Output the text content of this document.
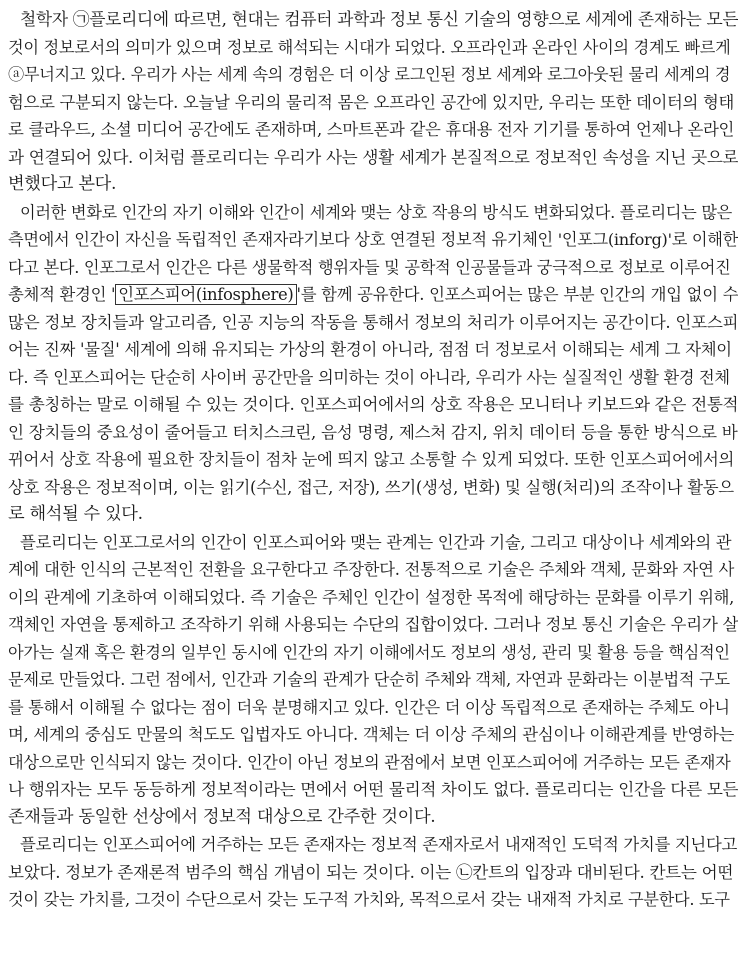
철학자 ㉠플로리디에 따르면, 현대는 컴퓨터 과학과 정보 통신 기술의 영향으로 세계에 존재하는 모든
것이 정보로서의 의미가 있으며 정보로 해석되는 시대가 되었다. 오프라인과 온라인 사이의 경계도 빠르게
ⓐ무너지고 있다. 우리가 사는 세계 속의 경험은 더 이상 로그인된 정보 세계와 로그아웃된 물리 세계의 경
험으로 구분되지 않는다. 오늘날 우리의 물리적 몸은 오프라인 공간에 있지만, 우리는 또한 데이터의 형태
로 클라우드, 소셜 미디어 공간에도 존재하며, 스마트폰과 같은 휴대용 전자 기기를 통하여 언제나 온라인
과 연결되어 있다. 이처럼 플로리디는 우리가 사는 생활 세계가 본질적으로 정보적인 속성을 지닌 곳으로
변했다고 본다.
이러한 변화로 인간의 자기 이해와 인간이 세계와 맺는 상호 작용의 방식도 변화되었다. 플로리디는 많은
측면에서 인간이 자신을 독립적인 존재자라기보다 상호 연결된 정보적 유기체인 '인포그(inforg)'로 이해한
다고 본다. 인포그로서 인간은 다른 생물학적 행위자들 및 공학적 인공물들과 궁극적으로 정보로 이루어진
총체적 환경인 ' 인포스피어(infosphere) '를 함께 공유한다. 인포스피어는 많은 부분 인간의 개입 없이 수
많은 정보 장치들과 알고리즘, 인공 지능의 작동을 통해서 정보의 처리가 이루어지는 공간이다. 인포스피
어는 진짜 '물질' 세계에 의해 유지되는 가상의 환경이 아니라, 점점 더 정보로서 이해되는 세계 그 자체이
다. 즉 인포스피어는 단순히 사이버 공간만을 의미하는 것이 아니라, 우리가 사는 실질적인 생활 환경 전체
를 총칭하는 말로 이해될 수 있는 것이다. 인포스피어에서의 상호 작용은 모니터나 키보드와 같은 전통적
인 장치들의 중요성이 줄어들고 터치스크린, 음성 명령, 제스처 감지, 위치 데이터 등을 통한 방식으로 바
뀌어서 상호 작용에 필요한 장치들이 점차 눈에 띄지 않고 소통할 수 있게 되었다. 또한 인포스피어에서의
상호 작용은 정보적이며, 이는 읽기(수신, 접근, 저장), 쓰기(생성, 변화) 및 실행(처리)의 조작이나 활동으
로 해석될 수 있다.
플로리디는 인포그로서의 인간이 인포스피어와 맺는 관계는 인간과 기술, 그리고 대상이나 세계와의 관
계에 대한 인식의 근본적인 전환을 요구한다고 주장한다. 전통적으로 기술은 주체와 객체, 문화와 자연 사
이의 관계에 기초하여 이해되었다. 즉 기술은 주체인 인간이 설정한 목적에 해당하는 문화를 이루기 위해,
객체인 자연을 통제하고 조작하기 위해 사용되는 수단의 집합이었다. 그러나 정보 통신 기술은 우리가 살
아가는 실재 혹은 환경의 일부인 동시에 인간의 자기 이해에서도 정보의 생성, 관리 및 활용 등을 핵심적인
문제로 만들었다. 그런 점에서, 인간과 기술의 관계가 단순히 주체와 객체, 자연과 문화라는 이분법적 구도
를 통해서 이해될 수 없다는 점이 더욱 분명해지고 있다. 인간은 더 이상 독립적으로 존재하는 주체도 아니
며, 세계의 중심도 만물의 척도도 입법자도 아니다. 객체는 더 이상 주체의 관심이나 이해관계를 반영하는
대상으로만 인식되지 않는 것이다. 인간이 아닌 정보의 관점에서 보면 인포스피어에 거주하는 모든 존재자
나 행위자는 모두 동등하게 정보적이라는 면에서 어떤 물리적 차이도 없다. 플로리디는 인간을 다른 모든
존재들과 동일한 선상에서 정보적 대상으로 간주한 것이다.
플로리디는 인포스피어에 거주하는 모든 존재자는 정보적 존재자로서 내재적인 도덕적 가치를 지닌다고
보았다. 정보가 존재론적 범주의 핵심 개념이 되는 것이다. 이는 ㉡칸트의 입장과 대비된다. 칸트는 어떤
것이 갖는 가치를, 그것이 수단으로서 갖는 도구적 가치와, 목적으로서 갖는 내재적 가치로 구분한다. 도구
